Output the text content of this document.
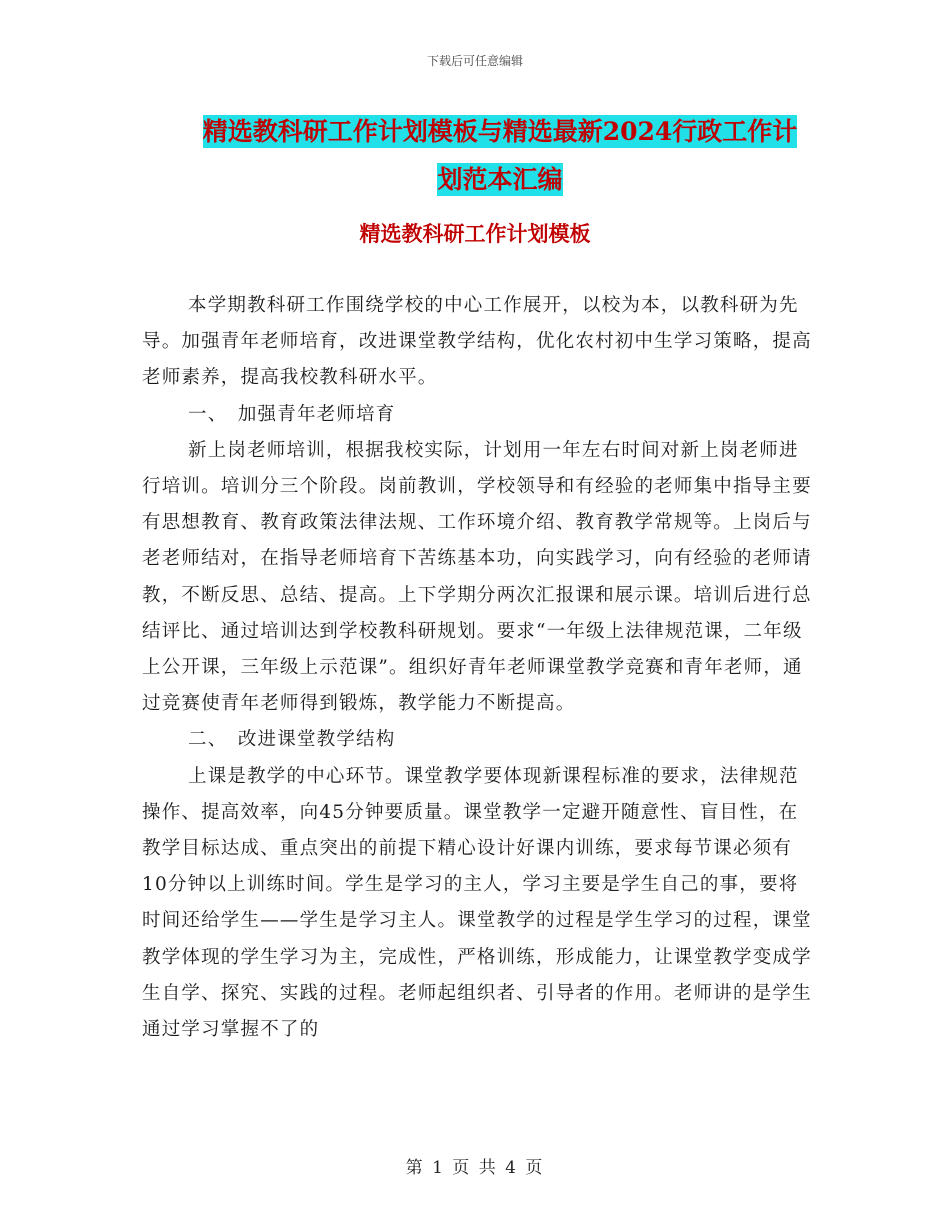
下载后可任意编辑
精选教科研工作计划模板与精选最新2024行政工作计
划范本汇编
精选教科研工作计划模板

本学期教科研工作围绕学校的中心工作展开，以校为本，以教科研为先导。加强青年老师培育，改进课堂教学结构，优化农村初中生学习策略，提高老师素养，提高我校教科研水平。

一、　加强青年老师培育

新上岗老师培训，根据我校实际，计划用一年左右时间对新上岗老师进行培训。培训分三个阶段。岗前教训，学校领导和有经验的老师集中指导主要有思想教育、教育政策法律法规、工作环境介绍、教育教学常规等。上岗后与老老师结对，在指导老师培育下苦练基本功，向实践学习，向有经验的老师请教，不断反思、总结、提高。上下学期分两次汇报课和展示课。培训后进行总结评比、通过培训达到学校教科研规划。要求“一年级上法律规范课，二年级上公开课，三年级上示范课”。组织好青年老师课堂教学竞赛和青年老师，通过竞赛使青年老师得到锻炼，教学能力不断提高。

二、　改进课堂教学结构

上课是教学的中心环节。课堂教学要体现新课程标准的要求，法律规范操作、提高效率，向45分钟要质量。课堂教学一定避开随意性、盲目性，在教学目标达成、重点突出的前提下精心设计好课内训练，要求每节课必须有10分钟以上训练时间。学生是学习的主人，学习主要是学生自己的事，要将时间还给学生——学生是学习主人。课堂教学的过程是学生学习的过程，课堂教学体现的学生学习为主，完成性，严格训练，形成能力，让课堂教学变成学生自学、探究、实践的过程。老师起组织者、引导者的作用。老师讲的是学生通过学习掌握不了的

第 1 页 共 4 页
